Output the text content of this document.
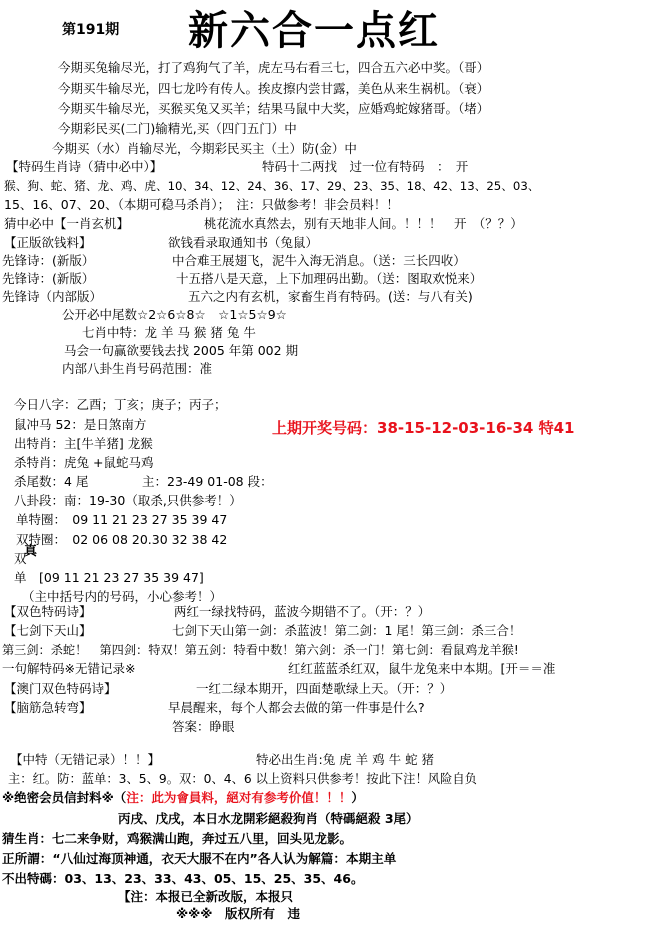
第191期 新六合一点红
今期买兔输尽光，打了鸡狗气了羊，虎左马右看三七，四合五六必中奖。（哥）
今期买牛输尽光，四七龙吟有传人。挨皮擦内尝甘露，美色从来生祸机。（衰）
今期买牛输尽光，买猴买兔又买羊；结果马鼠中大奖，应婚鸡蛇嫁猪哥。（堵）
今期彩民买(二门)输精光,买（四门五门）中
今期买（水）肖输尽光，今期彩民买主（土）防(金）中
【特码生肖诗（猜中必中）】	特码十二两找　过一位有特码　：　开
猴、狗、蛇、猪、龙、鸡、虎、10、34、12、24、36、17、29、23、35、18、42、13、25、03、
15、16、07、20、（本期可稳马杀肖）；　注：只做参考！非会员料！！
猜中必中【一肖玄机】	桃花流水真然去，别有天地非人间。！！！　开　（？？）
【正版欲钱料】	欲钱看录取通知书（兔鼠）
先锋诗：(新版）	中合难王展翅飞，泥牛入海无消息。（送：三长四收）
先锋诗：(新版）	十五搭八是天意，上下加理码出勤。（送：图取欢悦来）
先锋诗（内部版）	五六之内有玄机，家畜生肖有特码。(送：与八有关)
公开必中尾数☆2☆6☆8☆　☆1☆5☆9☆
七肖中特：龙 羊 马 猴 猪 兔 牛
马会一句赢欲要钱去找 2005 年第 002 期
内部八卦生肖号码范围：准
今日八字：乙酉；丁亥；庚子；丙子；
鼠冲马 52：是日煞南方	上期开奖号码：38-15-12-03-16-34 特41
出特肖：主[牛羊猪] 龙猴
杀特肖：虎兔 +鼠蛇马鸡
杀尾数：4 尾	主：23-49 01-08 段：
八卦段：南：19-30（取杀,只供参考！）
单特圈：　09 11 21 23 27 35 39 47
双特圈：　02 06 08 20.30 32 38 42
真
双
单　[09 11 21 23 27 35 39 47]
（主中括号内的号码，小心参考！）
【双色特码诗】	两红一绿找特码，蓝波今期错不了。（开：？）
【七剑下天山】	七剑下天山第一剑：杀蓝波！第二剑：1 尾！第三剑：杀三合！
第三剑：杀蛇！　第四剑：特双！第五剑：特看中数！第六剑：杀一门！第七剑：看鼠鸡龙羊猴!
一句解特码※无错记录※	红红蓝蓝杀红双，鼠牛龙兔来中本期。[开＝＝准
【澳门双色特码诗】	一红二绿本期开，四面楚歌绿上天。（开：？）
【脑筋急转弯】	早晨醒来，每个人都会去做的第一件事是什么?
答案：睁眼
【中特（无错记录）！！】	特必出生肖:兔 虎 羊 鸡 牛 蛇 猪
主：红。防：蓝单：3、5、9。双：0、4、6 以上资料只供参考！按此下注！风险自负
※绝密会员信封料※（注：此为會員料，絕对有参考价值！！！）
丙戌、戊戌，本日水龙開彩絕殺狗肖（特碼絕殺 3尾）
猜生肖：七二来争财，鸡猴满山跑，奔过五八里，回头见龙影。
正所謂：“八仙过海顶神通，衣天大服不在内”各人认为解篇：本期主单
不出特碼：03、13、23、33、43、05、15、25、35、46。
【注：本报已全新改版，本报只
※※※　版权所有　违
